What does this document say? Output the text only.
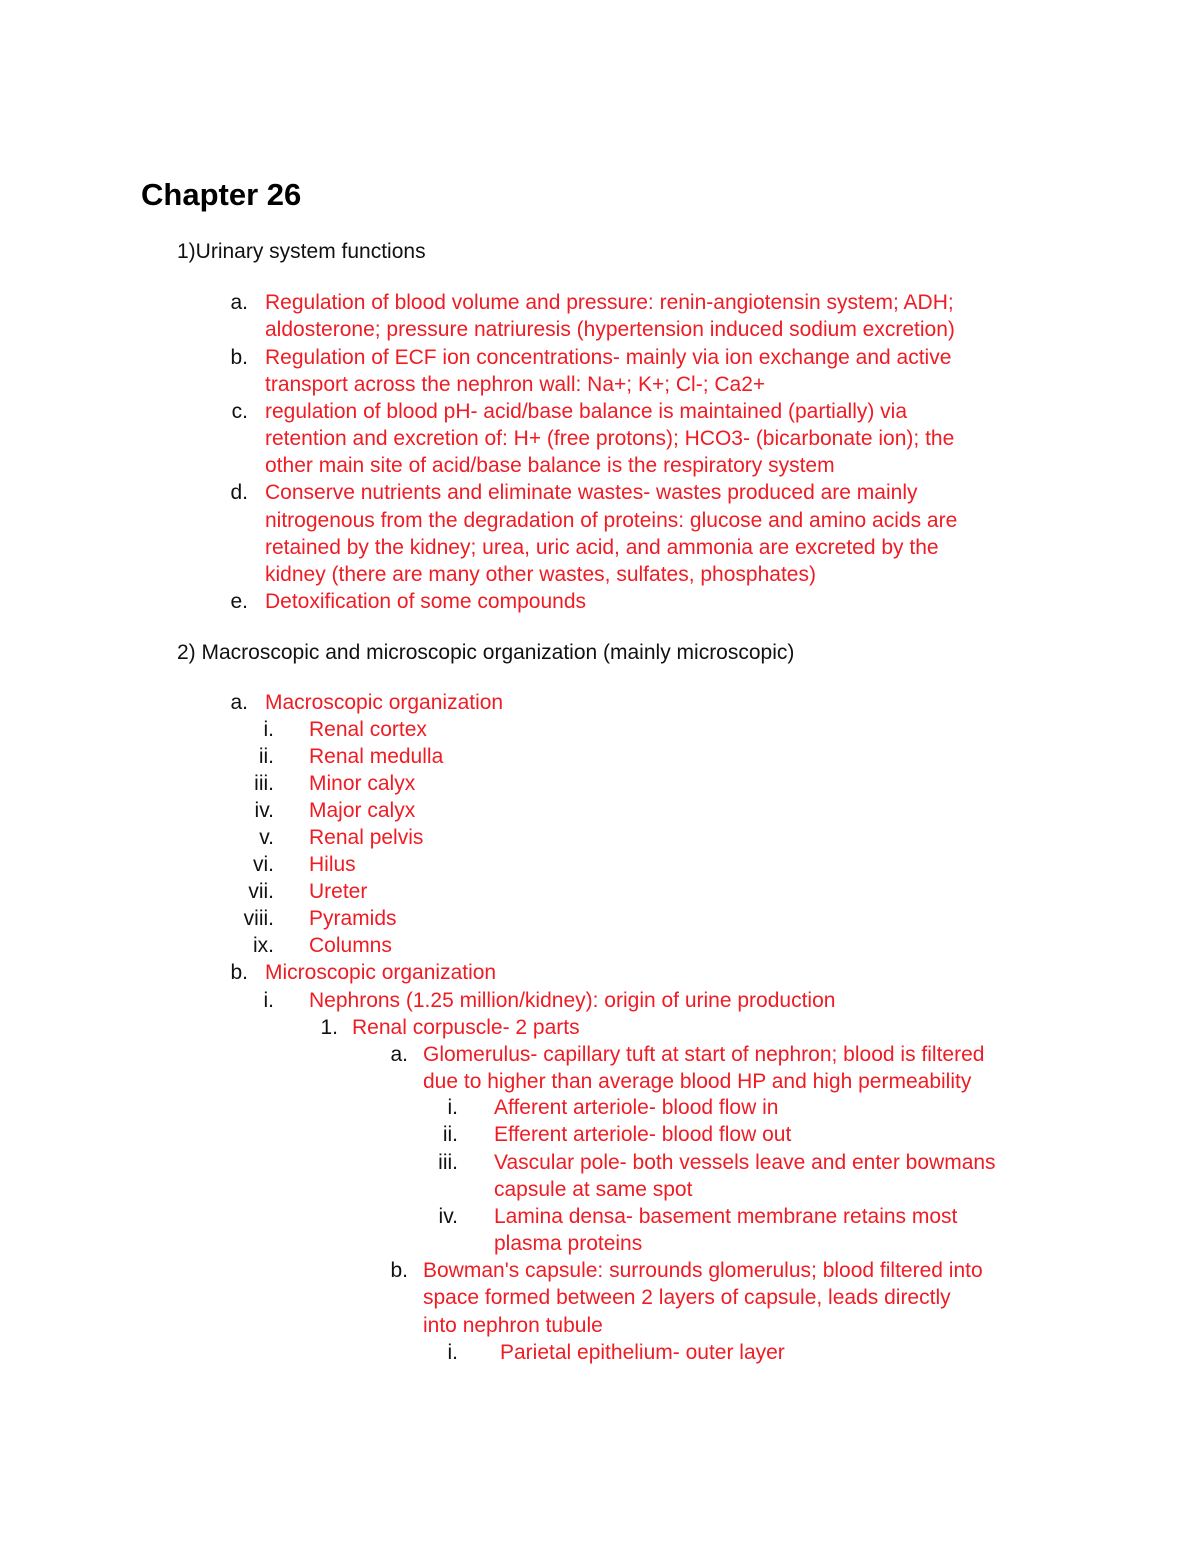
Chapter 26
1)Urinary system functions
a. Regulation of blood volume and pressure: renin-angiotensin system; ADH;
aldosterone; pressure natriuresis (hypertension induced sodium excretion)
b. Regulation of ECF ion concentrations- mainly via ion exchange and active
transport across the nephron wall: Na+; K+; Cl-; Ca2+
c. regulation of blood pH- acid/base balance is maintained (partially) via
retention and excretion of: H+ (free protons); HCO3- (bicarbonate ion); the
other main site of acid/base balance is the respiratory system
d. Conserve nutrients and eliminate wastes- wastes produced are mainly
nitrogenous from the degradation of proteins: glucose and amino acids are
retained by the kidney; urea, uric acid, and ammonia are excreted by the
kidney (there are many other wastes, sulfates, phosphates)
e. Detoxification of some compounds
2) Macroscopic and microscopic organization (mainly microscopic)
a. Macroscopic organization
i. Renal cortex
ii. Renal medulla
iii. Minor calyx
iv. Major calyx
v. Renal pelvis
vi. Hilus
vii. Ureter
viii. Pyramids
ix. Columns
b. Microscopic organization
i. Nephrons (1.25 million/kidney): origin of urine production
1. Renal corpuscle- 2 parts
a. Glomerulus- capillary tuft at start of nephron; blood is filtered
due to higher than average blood HP and high permeability
i. Afferent arteriole- blood flow in
ii. Efferent arteriole- blood flow out
iii. Vascular pole- both vessels leave and enter bowmans
capsule at same spot
iv. Lamina densa- basement membrane retains most
plasma proteins
b. Bowman's capsule: surrounds glomerulus; blood filtered into
space formed between 2 layers of capsule, leads directly
into nephron tubule
i. Parietal epithelium- outer layer
